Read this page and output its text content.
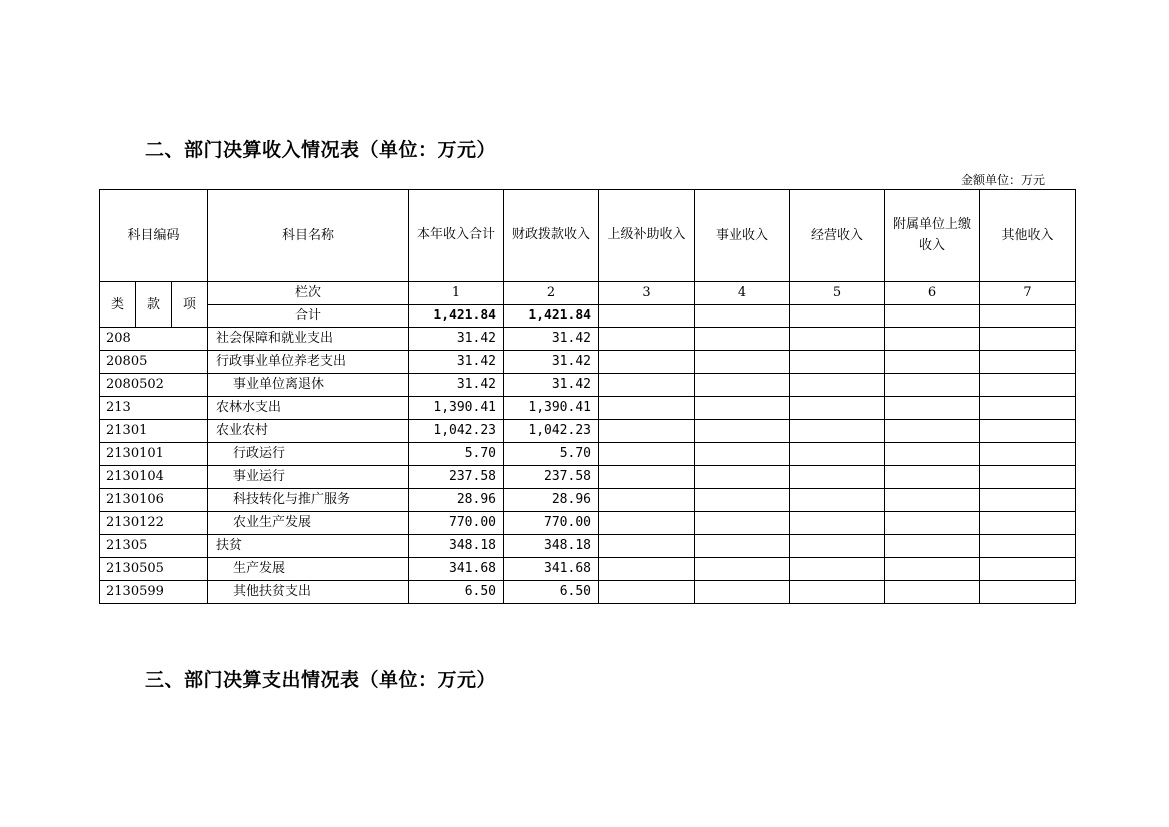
二、部门决算收入情况表（单位：万元）
金额单位：万元
科目编码			科目名称	本年收入合计	财政拨款收入	上级补助收入	事业收入	经营收入	附属单位上缴收入	其他收入
类	款	项	栏次	1	2	3	4	5	6	7
			合计	1,421.84	1,421.84					
208			社会保障和就业支出	31.42	31.42					
20805			行政事业单位养老支出	31.42	31.42					
2080502			事业单位离退休	31.42	31.42					
213			农林水支出	1,390.41	1,390.41					
21301			农业农村	1,042.23	1,042.23					
2130101			行政运行	5.70	5.70					
2130104			事业运行	237.58	237.58					
2130106			科技转化与推广服务	28.96	28.96					
2130122			农业生产发展	770.00	770.00					
21305			扶贫	348.18	348.18					
2130505			生产发展	341.68	341.68					
2130599			其他扶贫支出	6.50	6.50					
三、部门决算支出情况表（单位：万元）
